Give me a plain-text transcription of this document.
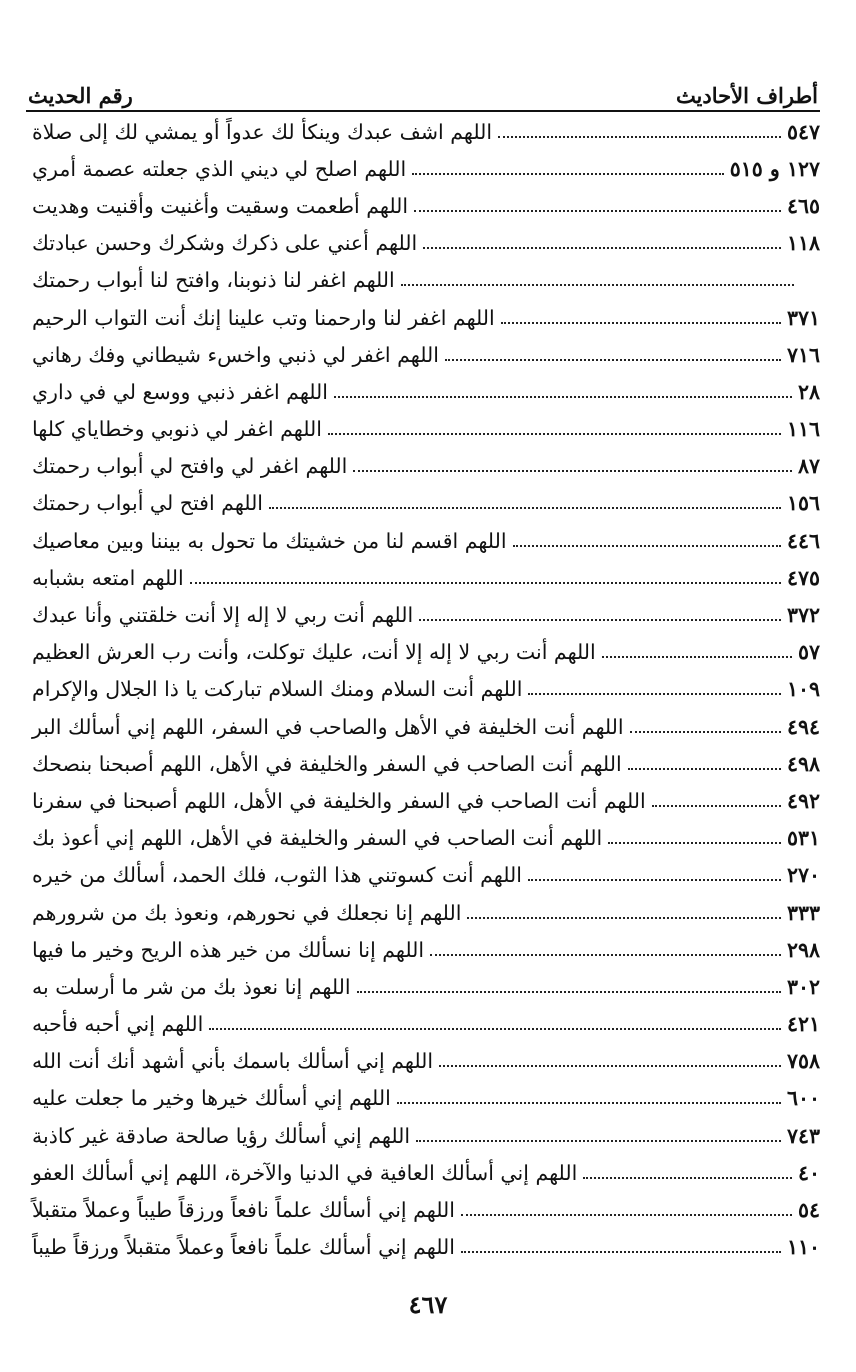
أطراف الأحاديث
رقم الحديث
اللهم اشف عبدك وينكأ لك عدواً أو يمشي لك إلى صلاة	٥٤٧
اللهم اصلح لي ديني الذي جعلته عصمة أمري	١٢٧ و ٥١٥
اللهم أطعمت وسقيت وأغنيت وأقنيت وهديت	٤٦٥
اللهم أعني على ذكرك وشكرك وحسن عبادتك	١١٨
اللهم اغفر لنا ذنوبنا، وافتح لنا أبواب رحمتك
اللهم اغفر لنا وارحمنا وتب علينا إنك أنت التواب الرحيم	٣٧١
اللهم اغفر لي ذنبي واخسء شيطاني وفك رهاني	٧١٦
اللهم اغفر ذنبي ووسع لي في داري	٢٨
اللهم اغفر لي ذنوبي وخطاياي كلها	١١٦
اللهم اغفر لي وافتح لي أبواب رحمتك	٨٧
اللهم افتح لي أبواب رحمتك	١٥٦
اللهم اقسم لنا من خشيتك ما تحول به بيننا وبين معاصيك	٤٤٦
اللهم امتعه بشبابه	٤٧٥
اللهم أنت ربي لا إله إلا أنت خلقتني وأنا عبدك	٣٧٢
اللهم أنت ربي لا إله إلا أنت، عليك توكلت، وأنت رب العرش العظيم	٥٧
اللهم أنت السلام ومنك السلام تباركت يا ذا الجلال والإكرام	١٠٩
اللهم أنت الخليفة في الأهل والصاحب في السفر، اللهم إني أسألك البر	٤٩٤
اللهم أنت الصاحب في السفر والخليفة في الأهل، اللهم أصبحنا بنصحك	٤٩٨
اللهم أنت الصاحب في السفر والخليفة في الأهل، اللهم أصبحنا في سفرنا	٤٩٢
اللهم أنت الصاحب في السفر والخليفة في الأهل، اللهم إني أعوذ بك	٥٣١
اللهم أنت كسوتني هذا الثوب، فلك الحمد، أسألك من خيره	٢٧٠
اللهم إنا نجعلك في نحورهم، ونعوذ بك من شرورهم	٣٣٣
اللهم إنا نسألك من خير هذه الريح وخير ما فيها	٢٩٨
اللهم إنا نعوذ بك من شر ما أرسلت به	٣٠٢
اللهم إني أحبه فأحبه	٤٢١
اللهم إني أسألك باسمك بأني أشهد أنك أنت الله	٧٥٨
اللهم إني أسألك خيرها وخير ما جعلت عليه	٦٠٠
اللهم إني أسألك رؤيا صالحة صادقة غير كاذبة	٧٤٣
اللهم إني أسألك العافية في الدنيا والآخرة، اللهم إني أسألك العفو	٤٠
اللهم إني أسألك علماً نافعاً ورزقاً طيباً وعملاً متقبلاً	٥٤
اللهم إني أسألك علماً نافعاً وعملاً متقبلاً ورزقاً طيباً	١١٠
٤٦٧
